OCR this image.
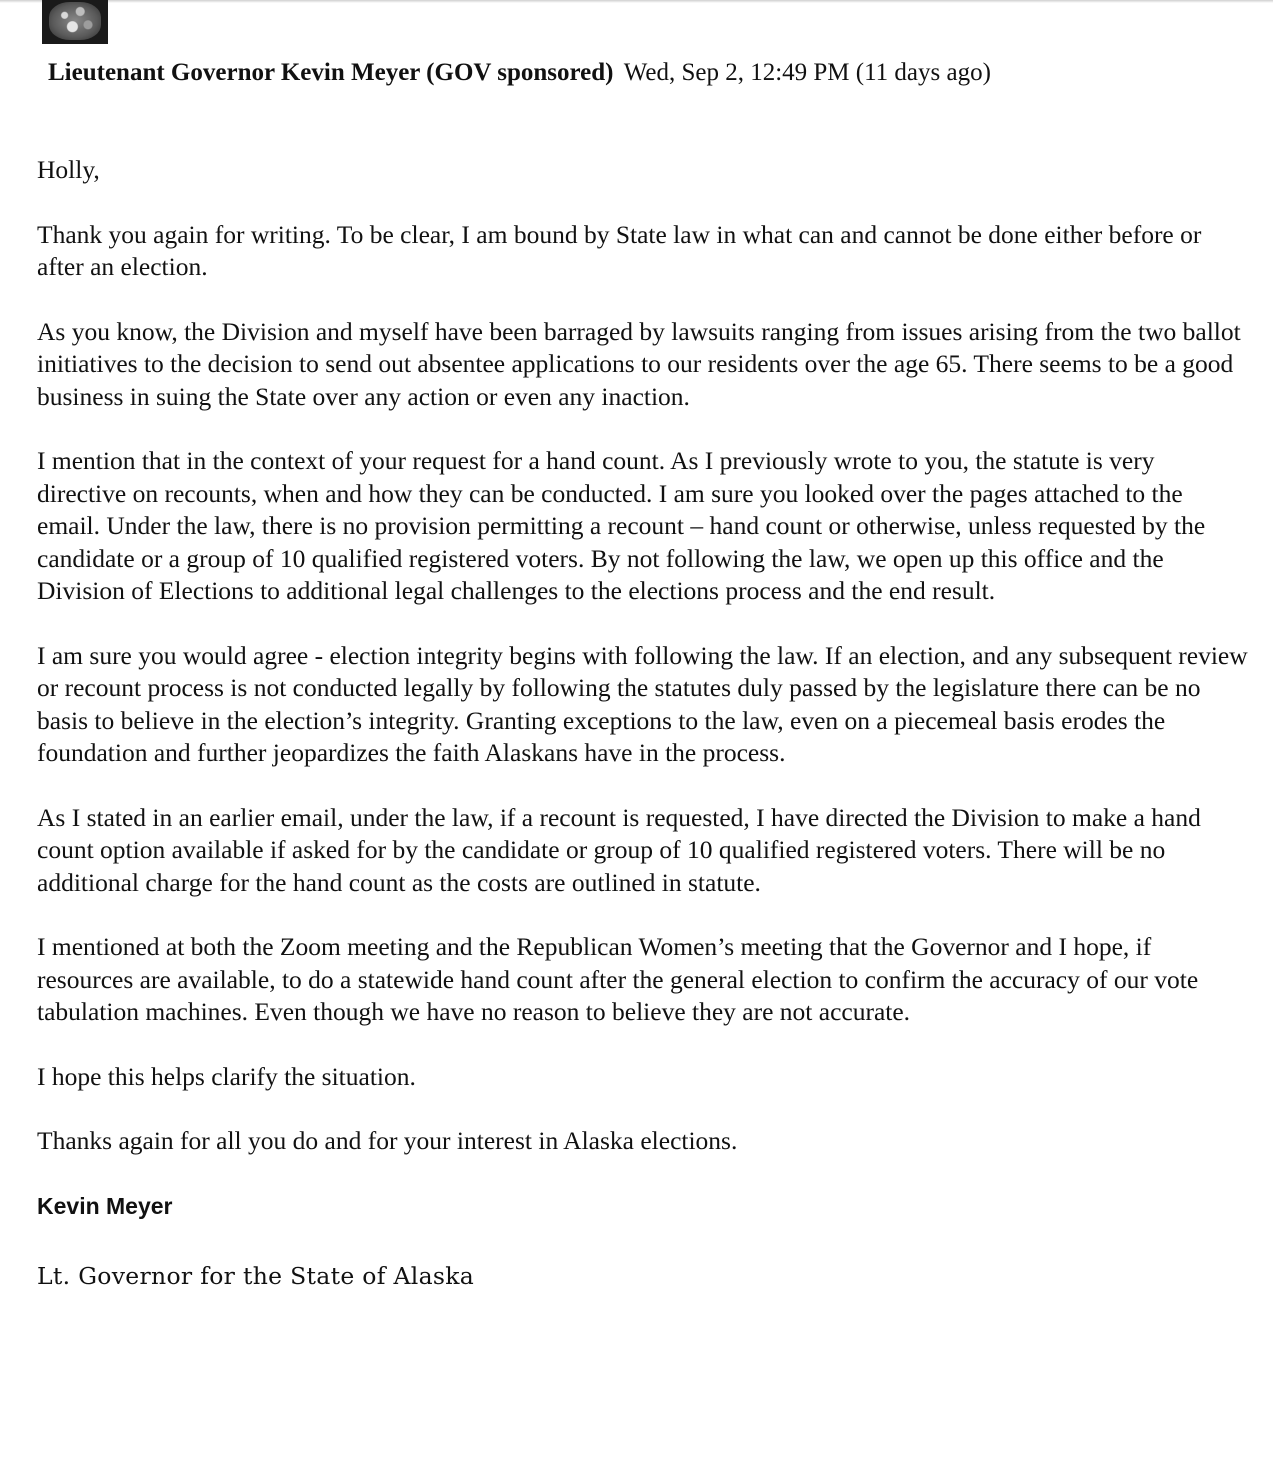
Lieutenant Governor Kevin Meyer (GOV sponsored) Wed, Sep 2, 12:49 PM (11 days ago)

Holly,

Thank you again for writing. To be clear, I am bound by State law in what can and cannot be done either before or after an election.

As you know, the Division and myself have been barraged by lawsuits ranging from issues arising from the two ballot initiatives to the decision to send out absentee applications to our residents over the age 65. There seems to be a good business in suing the State over any action or even any inaction.

I mention that in the context of your request for a hand count. As I previously wrote to you, the statute is very directive on recounts, when and how they can be conducted. I am sure you looked over the pages attached to the email. Under the law, there is no provision permitting a recount – hand count or otherwise, unless requested by the candidate or a group of 10 qualified registered voters. By not following the law, we open up this office and the Division of Elections to additional legal challenges to the elections process and the end result.

I am sure you would agree - election integrity begins with following the law. If an election, and any subsequent review or recount process is not conducted legally by following the statutes duly passed by the legislature there can be no basis to believe in the election’s integrity. Granting exceptions to the law, even on a piecemeal basis erodes the foundation and further jeopardizes the faith Alaskans have in the process.

As I stated in an earlier email, under the law, if a recount is requested, I have directed the Division to make a hand count option available if asked for by the candidate or group of 10 qualified registered voters. There will be no additional charge for the hand count as the costs are outlined in statute.

I mentioned at both the Zoom meeting and the Republican Women’s meeting that the Governor and I hope, if resources are available, to do a statewide hand count after the general election to confirm the accuracy of our vote tabulation machines. Even though we have no reason to believe they are not accurate.

I hope this helps clarify the situation.

Thanks again for all you do and for your interest in Alaska elections.

Kevin Meyer

Lt. Governor for the State of Alaska
